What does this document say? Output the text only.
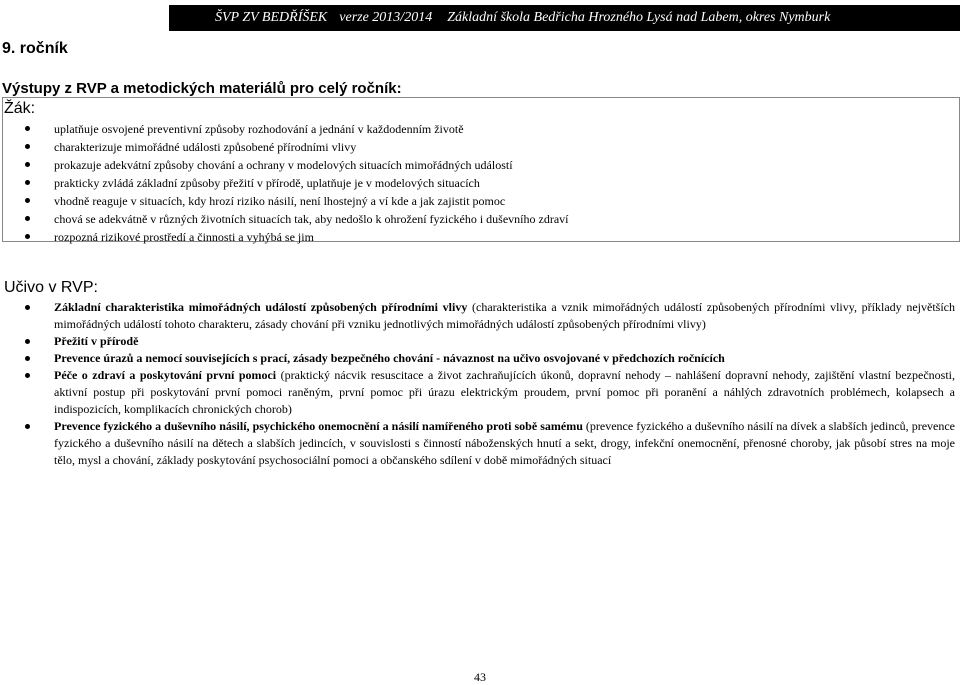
ŠVP ZV BEDŘÍŠEK verze 2013/2014 Základní škola Bedřicha Hrozného Lysá nad Labem, okres Nymburk
9. ročník
Výstupy z RVP a metodických materiálů pro celý ročník:
Žák:
uplatňuje osvojené preventivní způsoby rozhodování a jednání v každodenním životě
charakterizuje mimořádné události způsobené přírodními vlivy
prokazuje adekvátní způsoby chování a ochrany v modelových situacích mimořádných událostí
prakticky zvládá základní způsoby přežití v přírodě, uplatňuje je v modelových situacích
vhodně reaguje v situacích, kdy hrozí riziko násilí, není lhostejný a ví kde a jak zajistit pomoc
chová se adekvátně v různých životních situacích tak, aby nedošlo k ohrožení fyzického i duševního zdraví
rozpozná rizikové prostředí a činnosti a vyhýbá se jim
Učivo v RVP:
Základní charakteristika mimořádných událostí způsobených přírodními vlivy (charakteristika a vznik mimořádných událostí způsobených přírodními vlivy, příklady největších mimořádných událostí tohoto charakteru, zásady chování při vzniku jednotlivých mimořádných událostí způsobených přírodními vlivy)
Přežití v přírodě
Prevence úrazů a nemocí souvisejících s prací, zásady bezpečného chování - návaznost na učivo osvojované v předchozích ročnících
Péče o zdraví a poskytování první pomoci (praktický nácvik resuscitace a život zachraňujících úkonů, dopravní nehody – nahlášení dopravní nehody, zajištění vlastní bezpečnosti, aktivní postup při poskytování první pomoci raněným, první pomoc při úrazu elektrickým proudem, první pomoc při poranění a náhlých zdravotních problémech, kolapsech a indispozicích, komplikacích chronických chorob)
Prevence fyzického a duševního násilí, psychického onemocnění a násilí namířeného proti sobě samému (prevence fyzického a duševního násilí na dívek a slabších jedinců, prevence fyzického a duševního násilí na dětech a slabších jedincích, v souvislosti s činností náboženských hnutí a sekt, drogy, infekční onemocnění, přenosné choroby, jak působí stres na moje tělo, mysl a chování, základy poskytování psychosociální pomoci a občanského sdílení v době mimořádných situací
43
